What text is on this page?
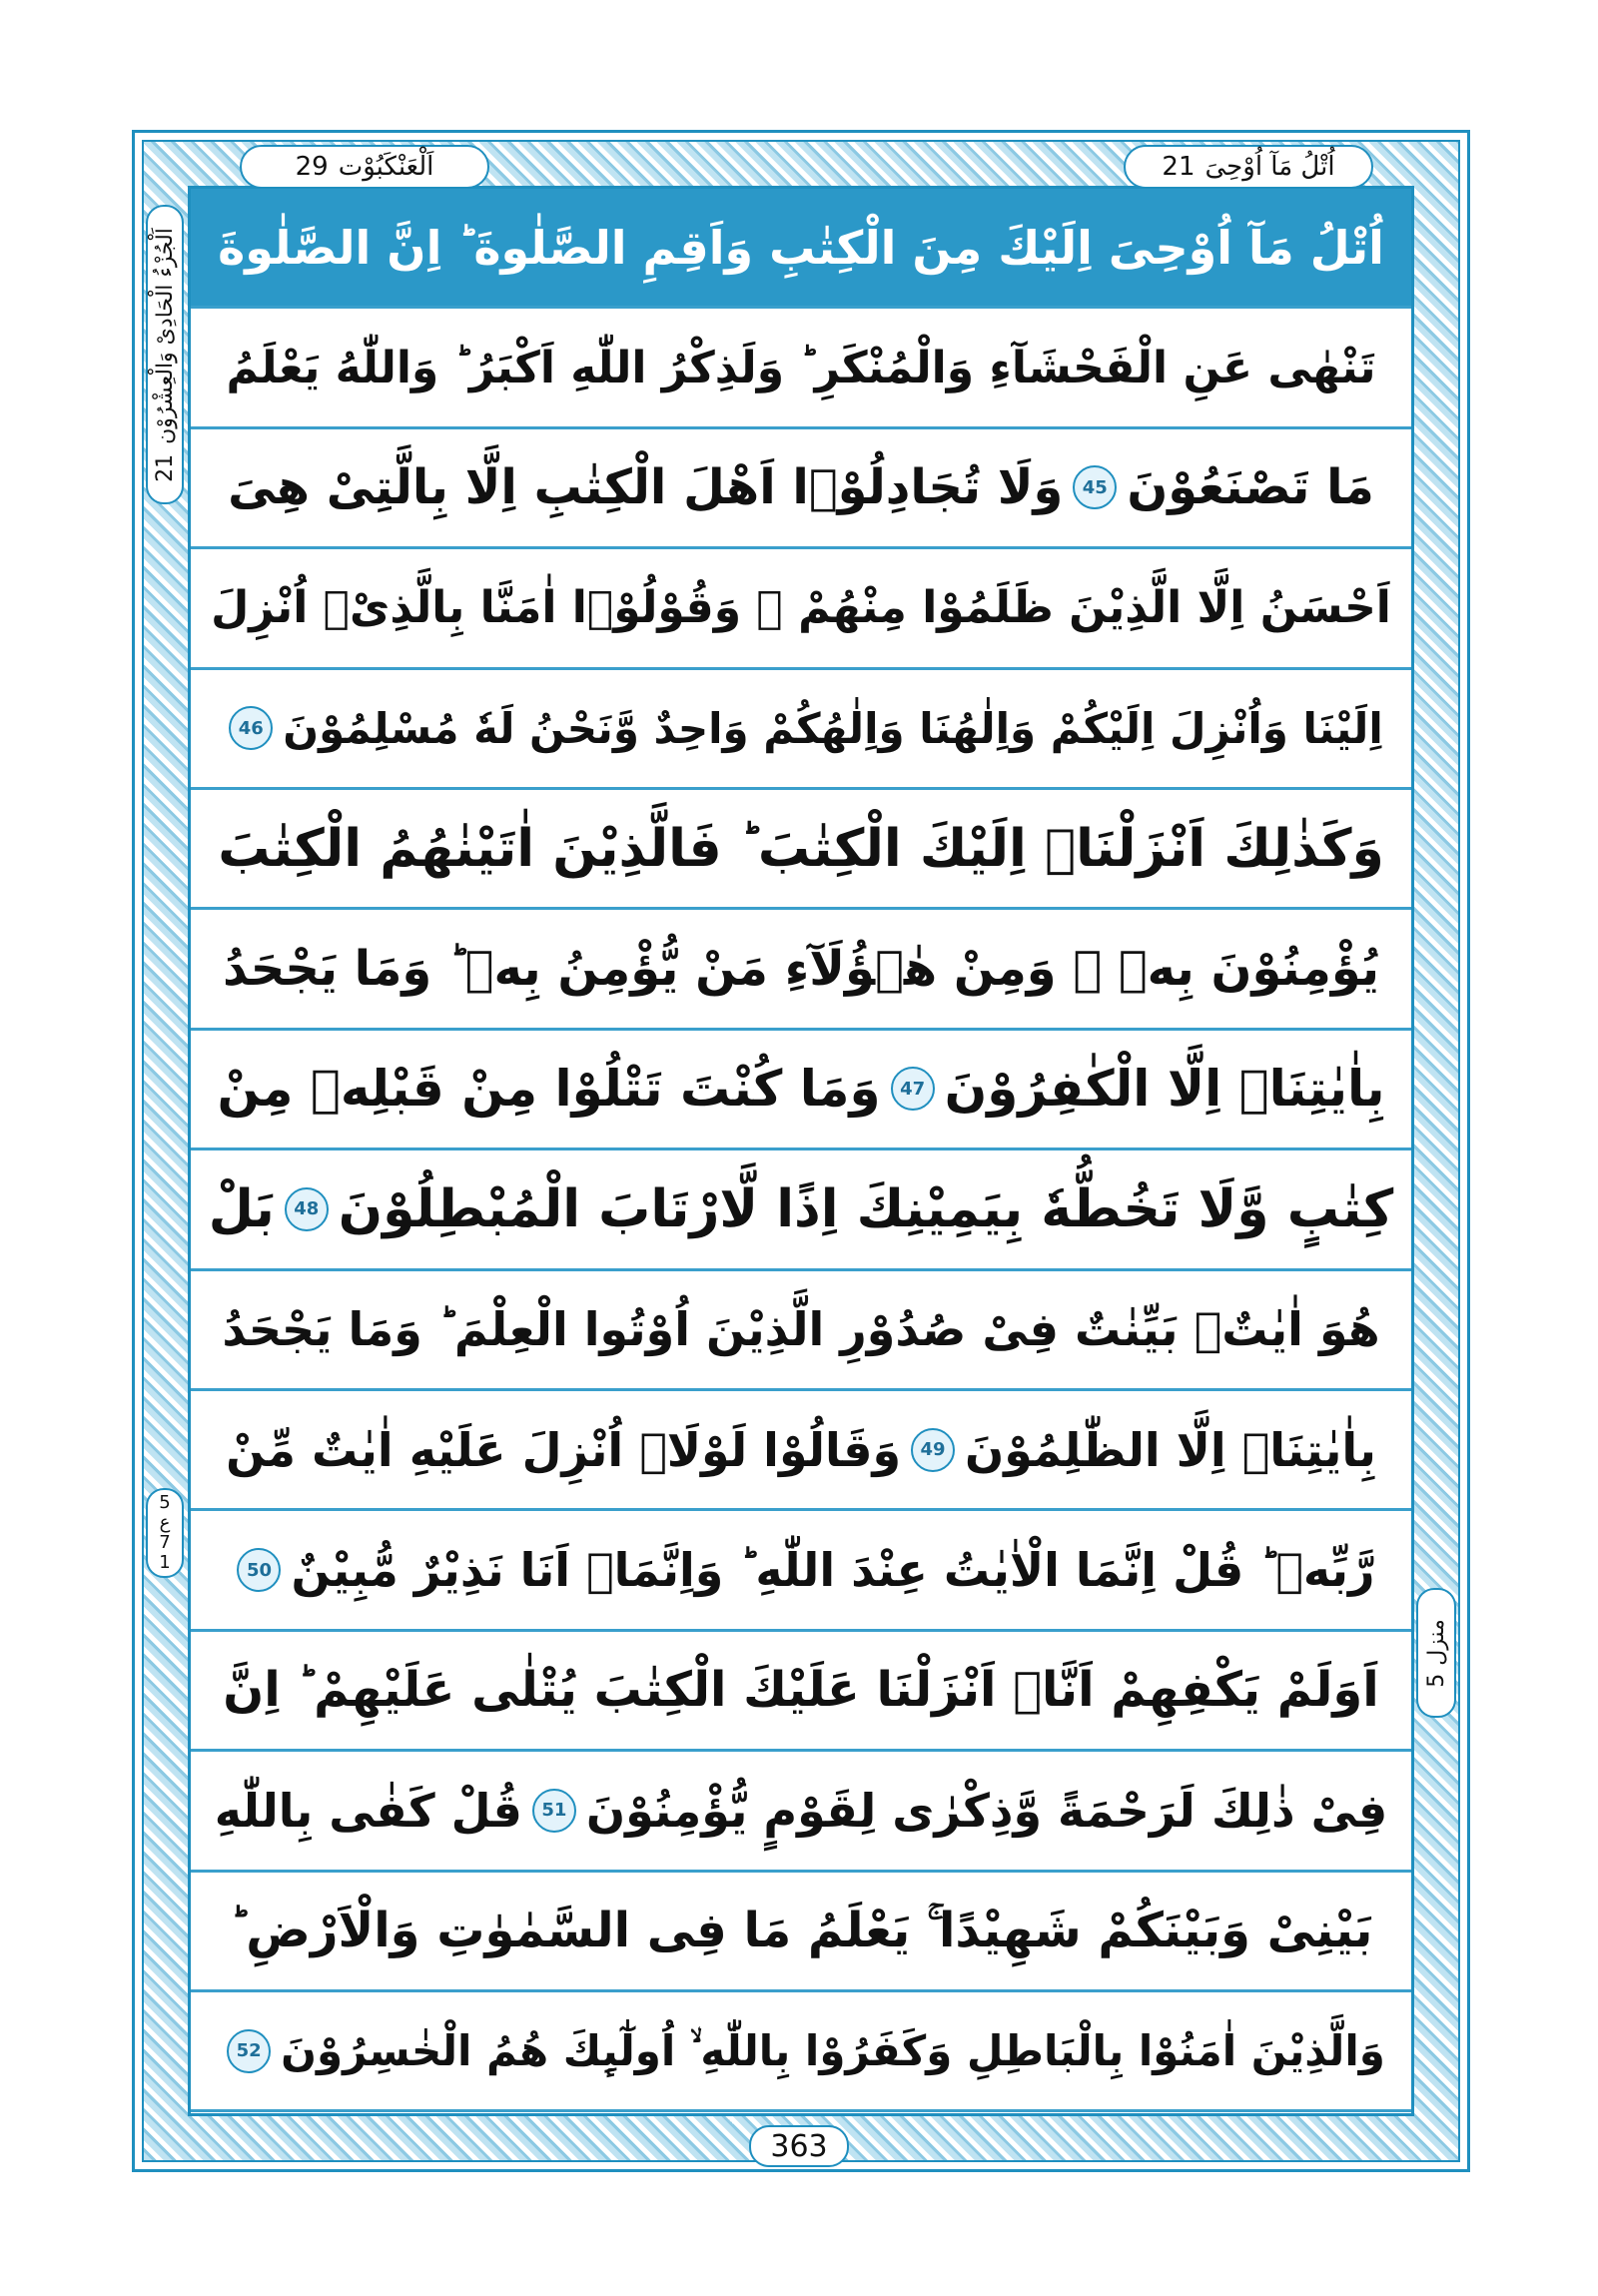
اَلْعَنْكَبُوْت
29	اُتْلُ مَآ اُوْحِیَ
21
اَلْجُزْءُ الْحَادِیْ وَالْعِشْرُوْن
21
5
ع
7
1
منزل
5
اُتْلُ مَآ اُوْحِیَ اِلَیْكَ مِنَ الْكِتٰبِ وَاَقِمِ الصَّلٰوةَ ؕ اِنَّ الصَّلٰوةَ
تَنْهٰی عَنِ الْفَحْشَآءِ وَالْمُنْكَرِ ؕ وَلَذِكْرُ اللّٰهِ اَكْبَرُ ؕ وَاللّٰهُ یَعْلَمُ
مَا تَصْنَعُوْنَ
45
وَلَا تُجَادِلُوْۤا اَهْلَ الْكِتٰبِ اِلَّا بِالَّتِیْ هِیَ
اَحْسَنُ اِلَّا الَّذِیْنَ ظَلَمُوْا مِنْهُمْ ؗ وَقُوْلُوْۤا اٰمَنَّا بِالَّذِیْۤ اُنْزِلَ
اِلَیْنَا وَاُنْزِلَ اِلَیْكُمْ وَاِلٰهُنَا وَاِلٰهُكُمْ وَاحِدٌ وَّنَحْنُ لَهٗ مُسْلِمُوْنَ
46
وَكَذٰلِكَ اَنْزَلْنَاۤ اِلَیْكَ الْكِتٰبَ ؕ فَالَّذِیْنَ اٰتَیْنٰهُمُ الْكِتٰبَ
یُؤْمِنُوْنَ بِهٖ ۚ وَمِنْ هٰۤؤُلَآءِ مَنْ یُّؤْمِنُ بِهٖ ؕ وَمَا یَجْحَدُ
بِاٰیٰتِنَاۤ اِلَّا الْكٰفِرُوْنَ
47
وَمَا كُنْتَ تَتْلُوْا مِنْ قَبْلِهٖ مِنْ
كِتٰبٍ وَّلَا تَخُطُّهٗ بِیَمِیْنِكَ اِذًا لَّارْتَابَ الْمُبْطِلُوْنَ
48
بَلْ
هُوَ اٰیٰتٌۢ بَیِّنٰتٌ فِیْ صُدُوْرِ الَّذِیْنَ اُوْتُوا الْعِلْمَ ؕ وَمَا یَجْحَدُ
بِاٰیٰتِنَاۤ اِلَّا الظّٰلِمُوْنَ
49
وَقَالُوْا لَوْلَاۤ اُنْزِلَ عَلَیْهِ اٰیٰتٌ مِّنْ
رَّبِّهٖ ؕ قُلْ اِنَّمَا الْاٰیٰتُ عِنْدَ اللّٰهِ ؕ وَاِنَّمَاۤ اَنَا نَذِیْرٌ مُّبِیْنٌ
50
اَوَلَمْ یَكْفِهِمْ اَنَّاۤ اَنْزَلْنَا عَلَیْكَ الْكِتٰبَ یُتْلٰی عَلَیْهِمْ ؕ اِنَّ
فِیْ ذٰلِكَ لَرَحْمَةً وَّذِكْرٰی لِقَوْمٍ یُّؤْمِنُوْنَ
51
قُلْ كَفٰی بِاللّٰهِ
بَیْنِیْ وَبَیْنَكُمْ شَهِیْدًا ۚ یَعْلَمُ مَا فِی السَّمٰوٰتِ وَالْاَرْضِ ؕ
وَالَّذِیْنَ اٰمَنُوْا بِالْبَاطِلِ وَكَفَرُوْا بِاللّٰهِ ۙ اُولٰٓىِٕكَ هُمُ الْخٰسِرُوْنَ
52
363
